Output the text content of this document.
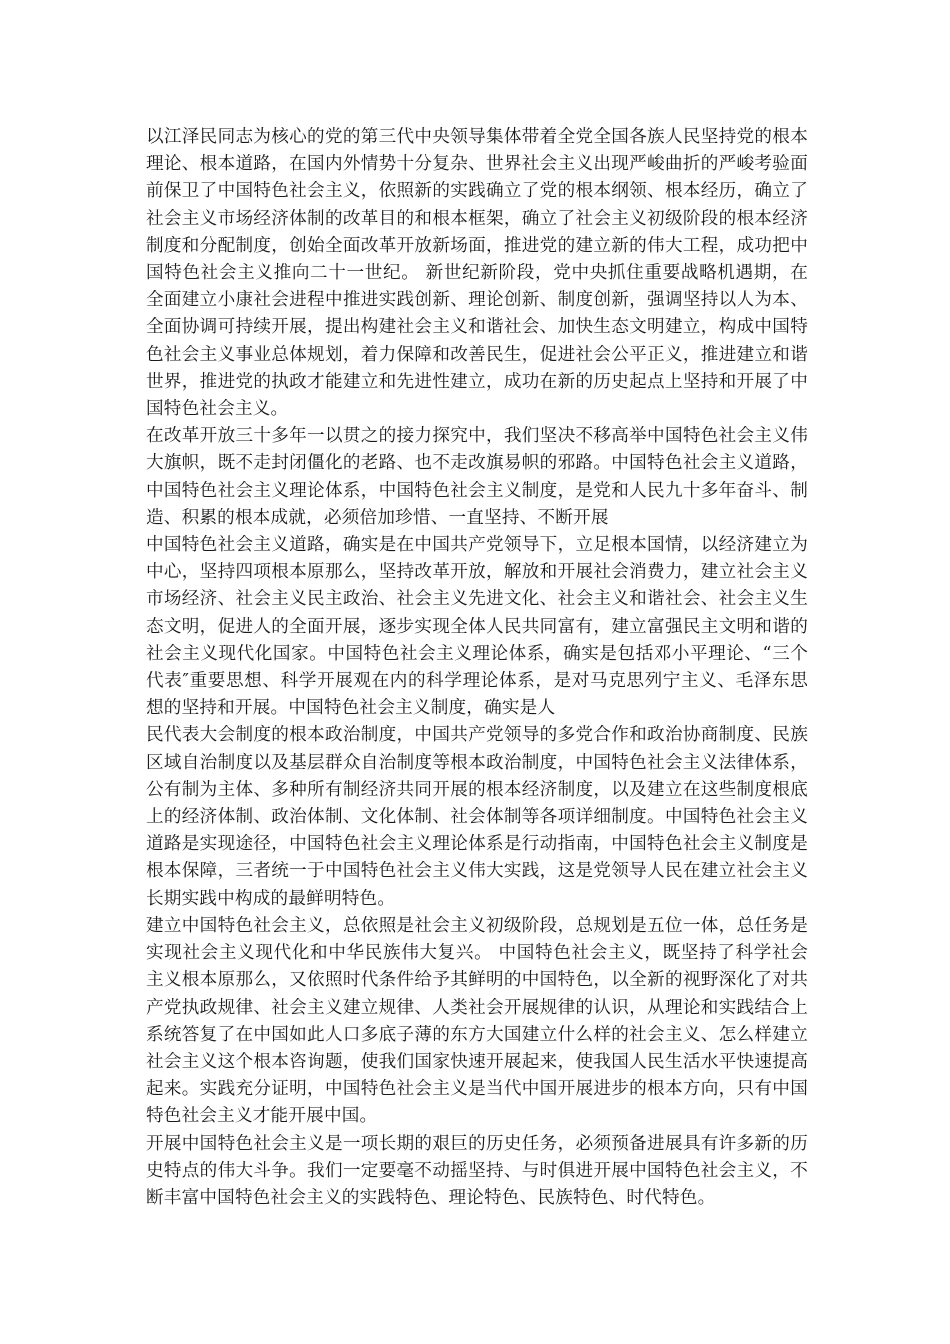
以江泽民同志为核心的党的第三代中央领导集体带着全党全国各族人民坚持党的根本理论、根本道路，在国内外情势十分复杂、世界社会主义出现严峻曲折的严峻考验面前保卫了中国特色社会主义，依照新的实践确立了党的根本纲领、根本经历，确立了社会主义市场经济体制的改革目的和根本框架，确立了社会主义初级阶段的根本经济制度和分配制度，创始全面改革开放新场面，推进党的建立新的伟大工程，成功把中国特色社会主义推向二十一世纪。 新世纪新阶段，党中央抓住重要战略机遇期，在全面建立小康社会进程中推进实践创新、理论创新、制度创新，强调坚持以人为本、全面协调可持续开展，提出构建社会主义和谐社会、加快生态文明建立，构成中国特色社会主义事业总体规划，着力保障和改善民生，促进社会公平正义，推进建立和谐世界，推进党的执政才能建立和先进性建立，成功在新的历史起点上坚持和开展了中国特色社会主义。

在改革开放三十多年一以贯之的接力探究中，我们坚决不移高举中国特色社会主义伟大旗帜，既不走封闭僵化的老路、也不走改旗易帜的邪路。中国特色社会主义道路，中国特色社会主义理论体系，中国特色社会主义制度，是党和人民九十多年奋斗、制造、积累的根本成就，必须倍加珍惜、一直坚持、不断开展

中国特色社会主义道路，确实是在中国共产党领导下，立足根本国情，以经济建立为中心，坚持四项根本原那么，坚持改革开放，解放和开展社会消费力，建立社会主义市场经济、社会主义民主政治、社会主义先进文化、社会主义和谐社会、社会主义生态文明，促进人的全面开展，逐步实现全体人民共同富有，建立富强民主文明和谐的社会主义现代化国家。中国特色社会主义理论体系，确实是包括邓小平理论、“三个代表″重要思想、科学开展观在内的科学理论体系，是对马克思列宁主义、毛泽东思想的坚持和开展。中国特色社会主义制度，确实是人

民代表大会制度的根本政治制度，中国共产党领导的多党合作和政治协商制度、民族区域自治制度以及基层群众自治制度等根本政治制度，中国特色社会主义法律体系，公有制为主体、多种所有制经济共同开展的根本经济制度，以及建立在这些制度根底上的经济体制、政治体制、文化体制、社会体制等各项详细制度。中国特色社会主义道路是实现途径，中国特色社会主义理论体系是行动指南，中国特色社会主义制度是根本保障，三者统一于中国特色社会主义伟大实践，这是党领导人民在建立社会主义长期实践中构成的最鲜明特色。

建立中国特色社会主义，总依照是社会主义初级阶段，总规划是五位一体，总任务是实现社会主义现代化和中华民族伟大复兴。 中国特色社会主义，既坚持了科学社会主义根本原那么，又依照时代条件给予其鲜明的中国特色，以全新的视野深化了对共产党执政规律、社会主义建立规律、人类社会开展规律的认识，从理论和实践结合上系统答复了在中国如此人口多底子薄的东方大国建立什么样的社会主义、怎么样建立社会主义这个根本咨询题，使我们国家快速开展起来，使我国人民生活水平快速提高起来。实践充分证明，中国特色社会主义是当代中国开展进步的根本方向，只有中国特色社会主义才能开展中国。

开展中国特色社会主义是一项长期的艰巨的历史任务，必须预备进展具有许多新的历史特点的伟大斗争。我们一定要毫不动摇坚持、与时俱进开展中国特色社会主义，不断丰富中国特色社会主义的实践特色、理论特色、民族特色、时代特色。
